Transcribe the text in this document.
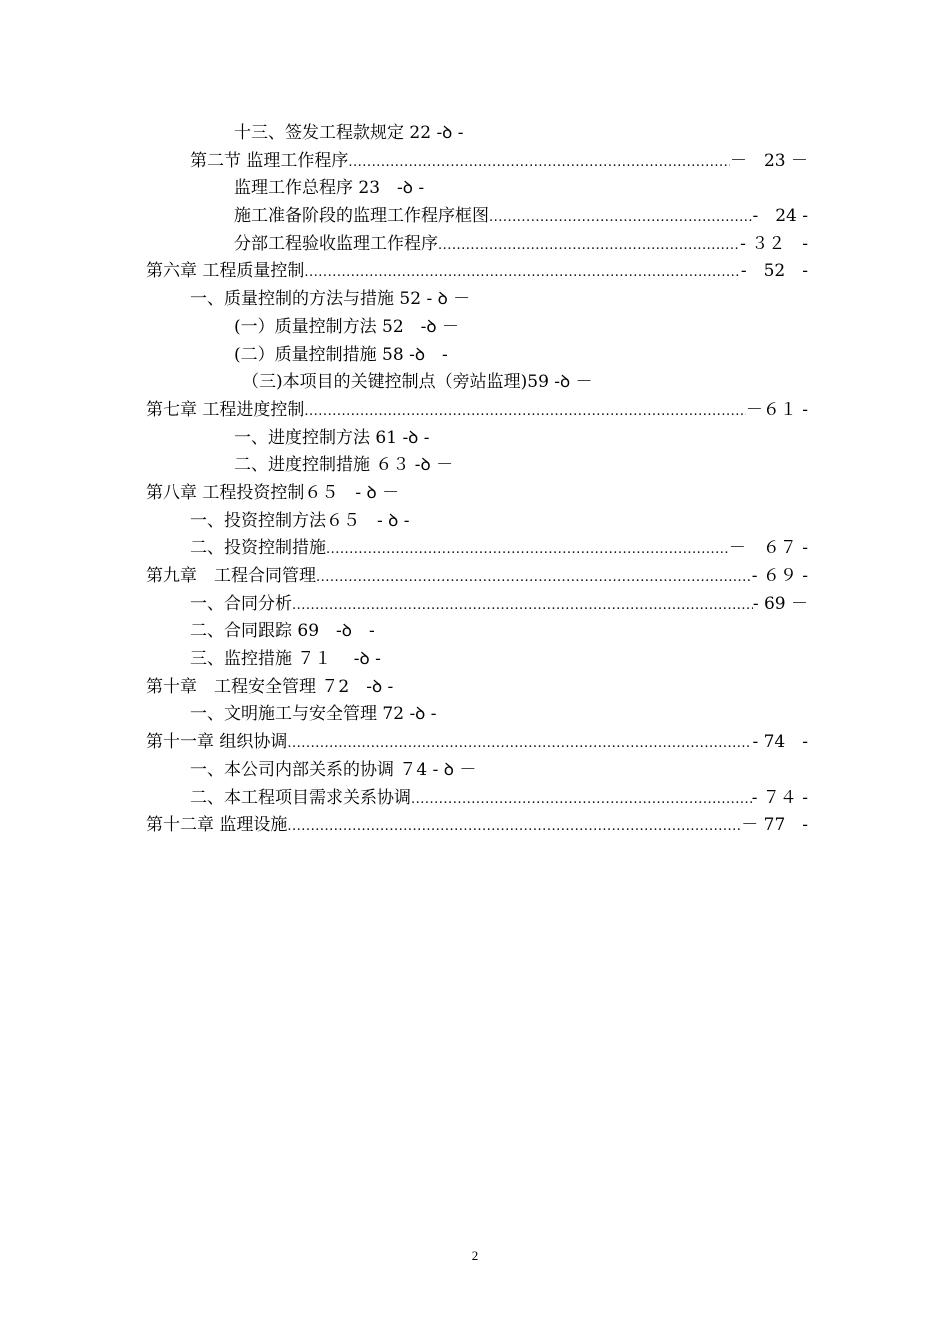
十三、签发工程款规定 22 -ꝺ -
第二节 监理工作程序 .....	－　23 －
监理工作总程序 23　-ꝺ -
施工准备阶段的监理工作程序框图 .....	-　24 -
分部工程验收监理工作程序 .....	- ３２　-
第六章 工程质量控制 .....	-　52　-
一、质量控制的方法与措施 52 - ꝺ －
(一）质量控制方法 52　-ꝺ －
(二）质量控制措施 58 -ꝺ　-
（三)本项目的关键控制点（旁站监理)59 -ꝺ －
第七章 工程进度控制 .....	－６１ -
一、进度控制方法 61 -ꝺ -
二、进度控制措施 ６３ -ꝺ －
第八章 工程投资控制６５　- ꝺ －
一、投资控制方法６５　- ꝺ -
二、投资控制措施 .....	－　６７ -
第九章　工程合同管理 .....	- ６９ -
一、合同分析 .....	- 69 －
二、合同跟踪 69　-ꝺ　-
三、监控措施 ７１　 -ꝺ -
第十章　工程安全管理 ７2　-ꝺ -
一、文明施工与安全管理 72 -ꝺ -
第十一章 组织协调 .....	- 74　-
一、本公司内部关系的协调 ７4 - ꝺ －
二、本工程项目需求关系协调 .....	- ７４ -
第十二章 监理设施 .....	－ 77　-
2
